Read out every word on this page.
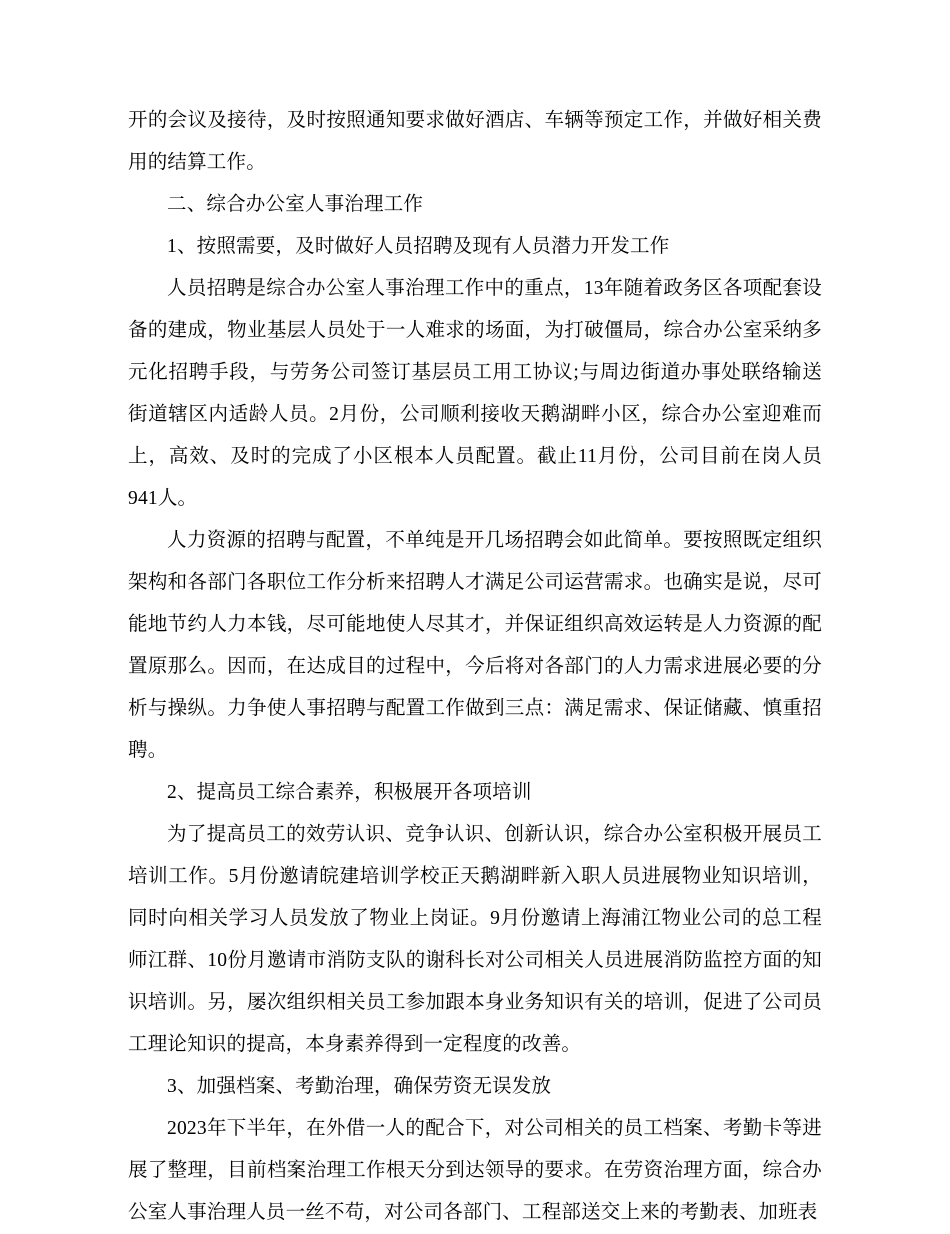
开的会议及接待，及时按照通知要求做好酒店、车辆等预定工作，并做好相关费用的结算工作。

二、综合办公室人事治理工作

1、按照需要，及时做好人员招聘及现有人员潜力开发工作

人员招聘是综合办公室人事治理工作中的重点，13年随着政务区各项配套设备的建成，物业基层人员处于一人难求的场面，为打破僵局，综合办公室采纳多元化招聘手段，与劳务公司签订基层员工用工协议;与周边街道办事处联络输送街道辖区内适龄人员。2月份，公司顺利接收天鹅湖畔小区，综合办公室迎难而上，高效、及时的完成了小区根本人员配置。截止11月份，公司目前在岗人员941人。

人力资源的招聘与配置，不单纯是开几场招聘会如此简单。要按照既定组织架构和各部门各职位工作分析来招聘人才满足公司运营需求。也确实是说，尽可能地节约人力本钱，尽可能地使人尽其才，并保证组织高效运转是人力资源的配置原那么。因而，在达成目的过程中，今后将对各部门的人力需求进展必要的分析与操纵。力争使人事招聘与配置工作做到三点：满足需求、保证储藏、慎重招聘。

2、提高员工综合素养，积极展开各项培训

为了提高员工的效劳认识、竞争认识、创新认识，综合办公室积极开展员工培训工作。5月份邀请皖建培训学校正天鹅湖畔新入职人员进展物业知识培训，同时向相关学习人员发放了物业上岗证。9月份邀请上海浦江物业公司的总工程师江群、10份月邀请市消防支队的谢科长对公司相关人员进展消防监控方面的知识培训。另，屡次组织相关员工参加跟本身业务知识有关的培训，促进了公司员工理论知识的提高，本身素养得到一定程度的改善。

3、加强档案、考勤治理，确保劳资无误发放

2023年下半年，在外借一人的配合下，对公司相关的员工档案、考勤卡等进展了整理，目前档案治理工作根天分到达领导的要求。在劳资治理方面，综合办公室人事治理人员一丝不苟，对公司各部门、工程部送交上来的考勤表、加班表
